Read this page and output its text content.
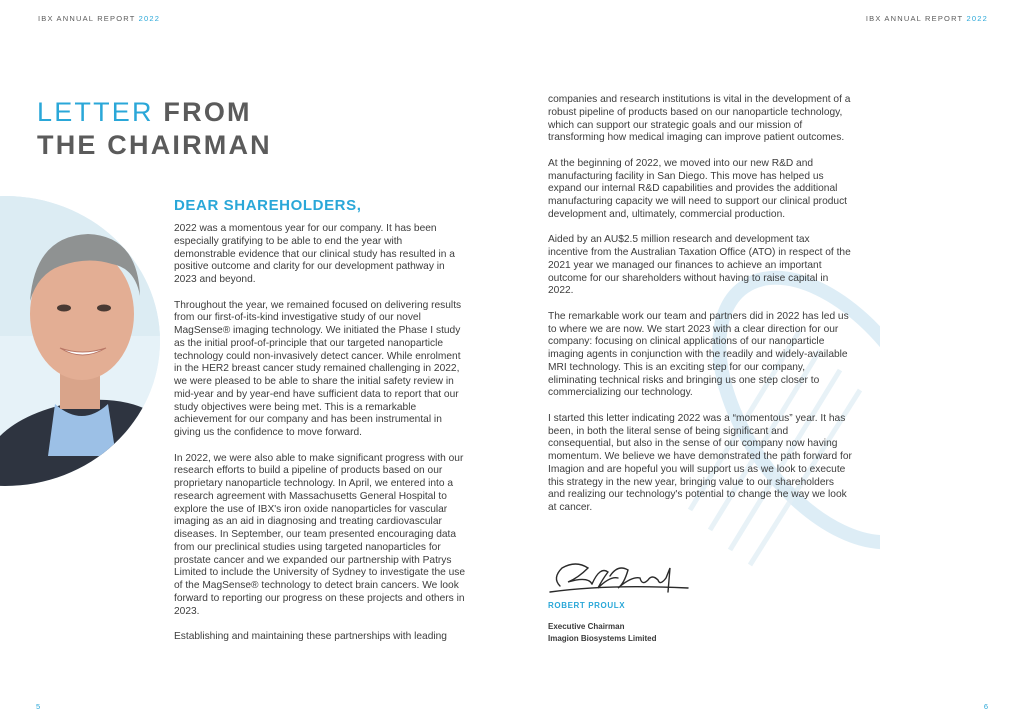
IBX ANNUAL REPORT 2022	IBX ANNUAL REPORT 2022
LETTER FROM
THE CHAIRMAN
DEAR SHAREHOLDERS,

2022 was a momentous year for our company. It has been especially gratifying to be able to end the year with demonstrable evidence that our clinical study has resulted in a positive outcome and clarity for our development pathway in 2023 and beyond.

Throughout the year, we remained focused on delivering results from our first-of-its-kind investigative study of our novel MagSense® imaging technology. We initiated the Phase I study as the initial proof-of-principle that our targeted nanoparticle technology could non-invasively detect cancer. While enrolment in the HER2 breast cancer study remained challenging in 2022, we were pleased to be able to share the initial safety review in mid-year and by year-end have sufficient data to report that our study objectives were being met. This is a remarkable achievement for our company and has been instrumental in giving us the confidence to move forward.

In 2022, we were also able to make significant progress with our research efforts to build a pipeline of products based on our proprietary nanoparticle technology. In April, we entered into a research agreement with Massachusetts General Hospital to explore the use of IBX's iron oxide nanoparticles for vascular imaging as an aid in diagnosing and treating cardiovascular diseases. In September, our team presented encouraging data from our preclinical studies using targeted nanoparticles for prostate cancer and we expanded our partnership with Patrys Limited to include the University of Sydney to investigate the use of the MagSense® technology to detect brain cancers. We look forward to reporting our progress on these projects and others in 2023.

Establishing and maintaining these partnerships with leading

companies and research institutions is vital in the development of a robust pipeline of products based on our nanoparticle technology, which can support our strategic goals and our mission of transforming how medical imaging can improve patient outcomes.

At the beginning of 2022, we moved into our new R&D and manufacturing facility in San Diego. This move has helped us expand our internal R&D capabilities and provides the additional manufacturing capacity we will need to support our clinical product development and, ultimately, commercial production.

Aided by an AU$2.5 million research and development tax incentive from the Australian Taxation Office (ATO) in respect of the 2021 year we managed our finances to achieve an important outcome for our shareholders without having to raise capital in 2022.

The remarkable work our team and partners did in 2022 has led us to where we are now. We start 2023 with a clear direction for our company: focusing on clinical applications of our nanoparticle imaging agents in conjunction with the readily and widely-available MRI technology. This is an exciting step for our company, eliminating technical risks and bringing us one step closer to commercializing our technology.

I started this letter indicating 2022 was a “momentous” year. It has been, in both the literal sense of being significant and consequential, but also in the sense of our company now having momentum. We believe we have demonstrated the path forward for Imagion and are hopeful you will support us as we look to execute this strategy in the new year, bringing value to our shareholders and realizing our technology's potential to change the way we look at cancer.

ROBERT PROULX
Executive Chairman
Imagion Biosystems Limited
5	6
